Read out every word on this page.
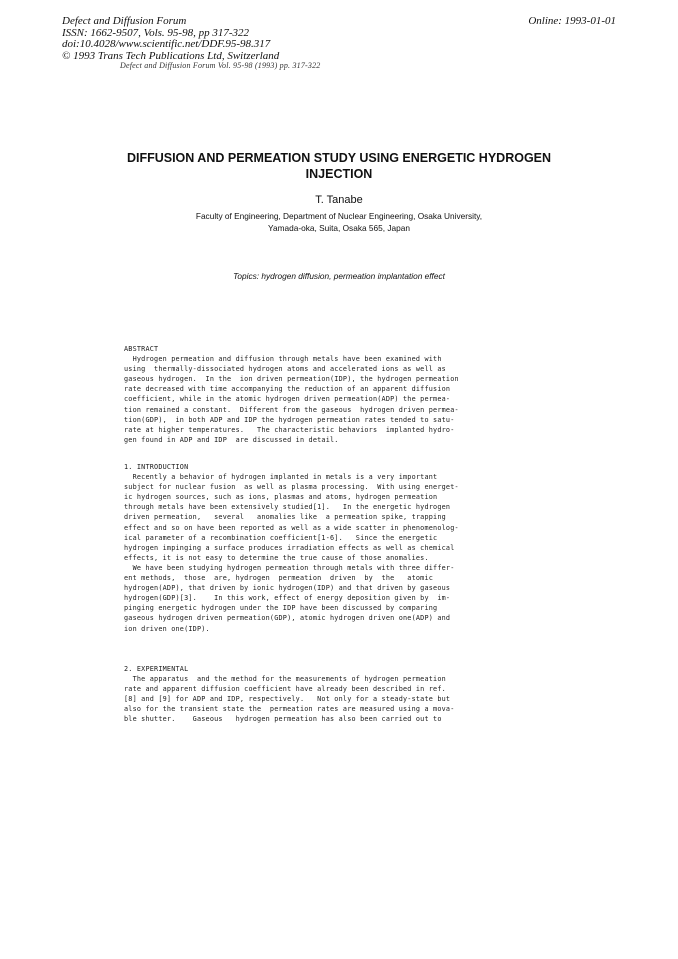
Defect and Diffusion Forum
ISSN: 1662-9507, Vols. 95-98, pp 317-322
doi:10.4028/www.scientific.net/DDF.95-98.317
© 1993 Trans Tech Publications Ltd, Switzerland
Online: 1993-01-01
Defect and Diffusion Forum Vol. 95-98 (1993) pp. 317-322
DIFFUSION AND PERMEATION STUDY USING ENERGETIC HYDROGEN
INJECTION
T. Tanabe
Faculty of Engineering, Department of Nuclear Engineering, Osaka University,
Yamada-oka, Suita, Osaka 565, Japan
Topics: hydrogen diffusion, permeation implantation effect
ABSTRACT
Hydrogen permeation and diffusion through metals have been examined with
using  thermally-dissociated hydrogen atoms and accelerated ions as well as
gaseous hydrogen.  In the  ion driven permeation(IDP), the hydrogen permeation
rate decreased with time accompanying the reduction of an apparent diffusion
coefficient, while in the atomic hydrogen driven permeation(ADP) the permea-
tion remained a constant.  Different from the gaseous  hydrogen driven permea-
tion(GDP),  in both ADP and IDP the hydrogen permeation rates tended to satu-
rate at higher temperatures.   The characteristic behaviors  implanted hydro-
gen found in ADP and IDP  are discussed in detail.
1. INTRODUCTION
Recently a behavior of hydrogen implanted in metals is a very important
subject for nuclear fusion  as well as plasma processing.  With using energet-
ic hydrogen sources, such as ions, plasmas and atoms, hydrogen permeation
through metals have been extensively studied[1].   In the energetic hydrogen
driven permeation,   several   anomalies like  a permeation spike, trapping
effect and so on have been reported as well as a wide scatter in phenomenolog-
ical parameter of a recombination coefficient[1-6].   Since the energetic
hydrogen impinging a surface produces irradiation effects as well as chemical
effects, it is not easy to determine the true cause of those anomalies.
We have been studying hydrogen permeation through metals with three differ-
ent methods,  those  are, hydrogen  permeation  driven  by  the   atomic
hydrogen(ADP), that driven by ionic hydrogen(IDP) and that driven by gaseous
hydrogen(GDP)[3].    In this work, effect of energy deposition given by  im-
pinging energetic hydrogen under the IDP have been discussed by comparing
gaseous hydrogen driven permeation(GDP), atomic hydrogen driven one(ADP) and
ion driven one(IDP).
2. EXPERIMENTAL
The apparatus  and the method for the measurements of hydrogen permeation
rate and apparent diffusion coefficient have already been described in ref.
[8] and [9] for ADP and IDP, respectively.   Not only for a steady-state but
also for the transient state the  permeation rates are measured using a mova-
ble shutter.    Gaseous   hydrogen permeation has also been carried out to
